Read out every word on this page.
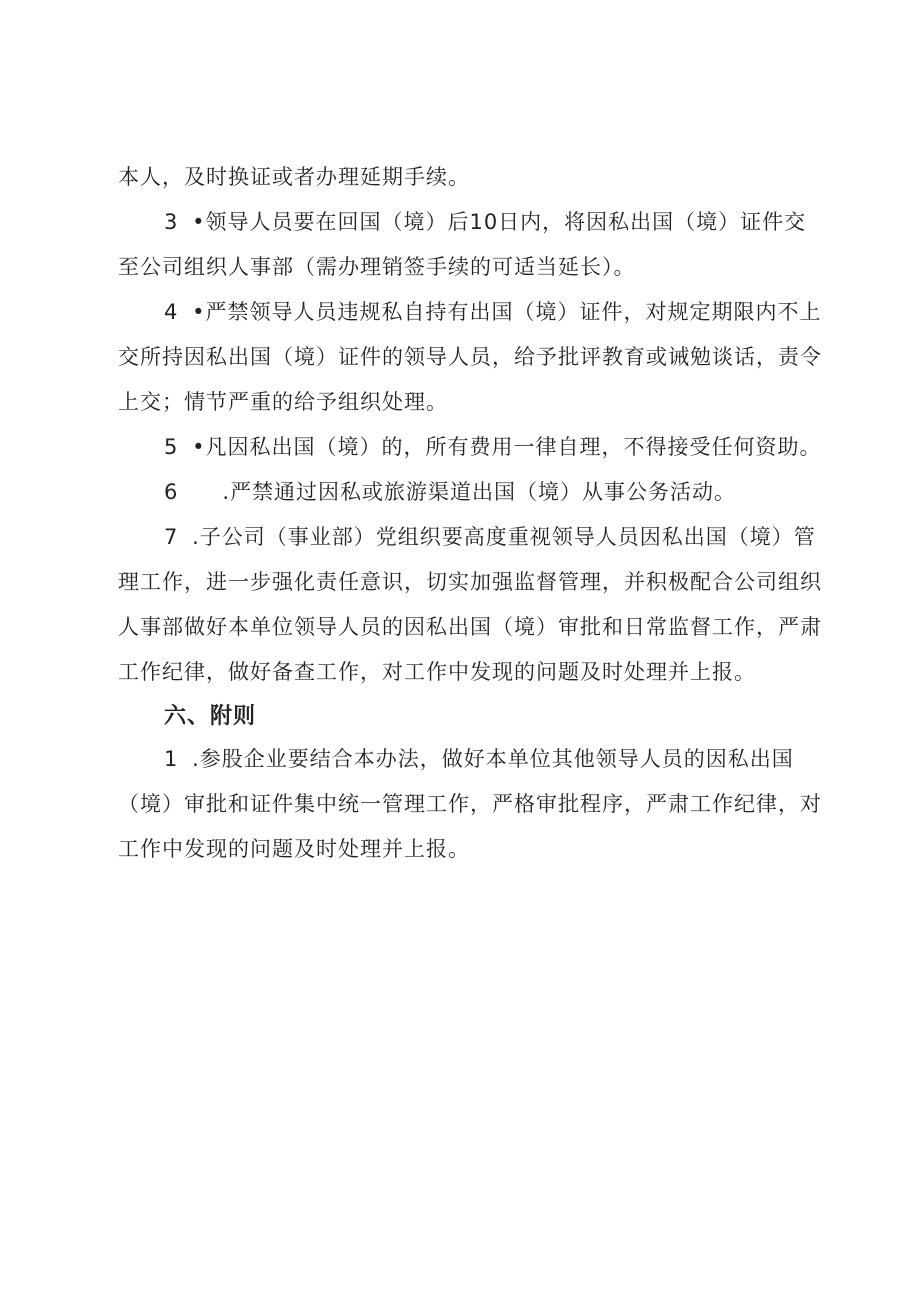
本人，及时换证或者办理延期手续。
3 •领导人员要在回国（境）后10日内，将因私出国（境）证件交
至公司组织人事部（需办理销签手续的可适当延长）。
4 •严禁领导人员违规私自持有出国（境）证件，对规定期限内不上
交所持因私出国（境）证件的领导人员，给予批评教育或诫勉谈话，责令
上交；情节严重的给予组织处理。
5 •凡因私出国（境）的，所有费用一律自理，不得接受任何资助。
6 .严禁通过因私或旅游渠道出国（境）从事公务活动。
7 .子公司（事业部）党组织要高度重视领导人员因私出国（境）管
理工作，进一步强化责任意识，切实加强监督管理，并积极配合公司组织
人事部做好本单位领导人员的因私出国（境）审批和日常监督工作，严肃
工作纪律，做好备查工作，对工作中发现的问题及时处理并上报。
六、附则
1 .参股企业要结合本办法，做好本单位其他领导人员的因私出国
（境）审批和证件集中统一管理工作，严格审批程序，严肃工作纪律，对
工作中发现的问题及时处理并上报。
